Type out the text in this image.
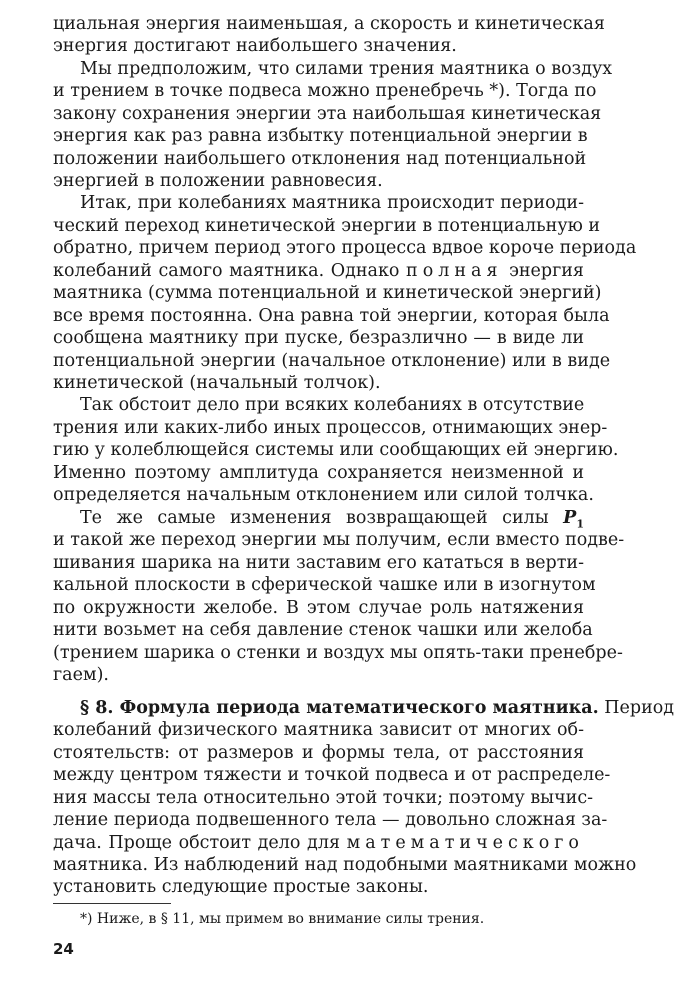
циальная энергия наименьшая, а скорость и кинетическая
энергия достигают наибольшего значения.
Мы предположим, что силами трения маятника о воздух
и трением в точке подвеса можно пренебречь *). Тогда по
закону сохранения энергии эта наибольшая кинетическая
энергия как раз равна избытку потенциальной энергии в
положении наибольшего отклонения над потенциальной
энергией в положении равновесия.
Итак, при колебаниях маятника происходит периоди-
ческий переход кинетической энергии в потенциальную и
обратно, причем период этого процесса вдвое короче периода
колебаний самого маятника. Однако полная энергия
маятника (сумма потенциальной и кинетической энергий)
все время постоянна. Она равна той энергии, которая была
сообщена маятнику при пуске, безразлично — в виде ли
потенциальной энергии (начальное отклонение) или в виде
кинетической (начальный толчок).
Так обстоит дело при всяких колебаниях в отсутствие
трения или каких-либо иных процессов, отнимающих энер-
гию у колеблющейся системы или сообщающих ей энергию.
Именно поэтому амплитуда сохраняется неизменной и
определяется начальным отклонением или силой толчка.
Те же самые изменения возвращающей силы $P_1$
и такой же переход энергии мы получим, если вместо подве-
шивания шарика на нити заставим его кататься в верти-
кальной плоскости в сферической чашке или в изогнутом
по окружности желобе. В этом случае роль натяжения
нити возьмет на себя давление стенок чашки или желоба
(трением шарика о стенки и воздух мы опять-таки пренебре-
гаем).
§ 8. Формула периода математического маятника. Период
колебаний физического маятника зависит от многих об-
стоятельств: от размеров и формы тела, от расстояния
между центром тяжести и точкой подвеса и от распределе-
ния массы тела относительно этой точки; поэтому вычис-
ление периода подвешенного тела — довольно сложная за-
дача. Проще обстоит дело для математического
маятника. Из наблюдений над подобными маятниками можно
установить следующие простые законы.
*) Ниже, в § 11, мы примем во внимание силы трения.
24
